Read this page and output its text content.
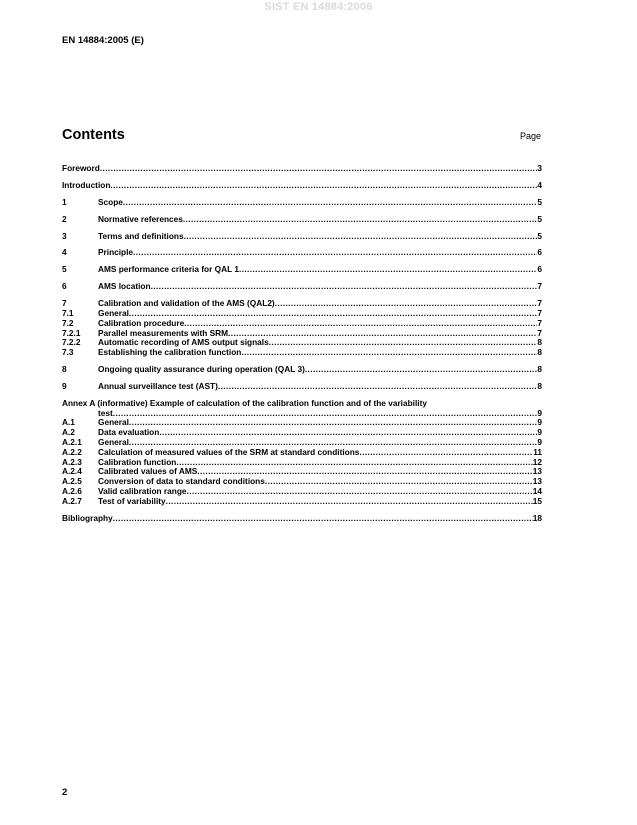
SIST EN 14884:2006
EN 14884:2005 (E)
Contents	Page
Foreword .....	3
Introduction .....	4
1	Scope .....	5
2	Normative references .....	5
3	Terms and definitions .....	5
4	Principle .....	6
5	AMS performance criteria for QAL 1 .....	6
6	AMS location .....	7
7	Calibration and validation of the AMS (QAL2) .....	7
7.1	General .....	7
7.2	Calibration procedure .....	7
7.2.1	Parallel measurements with SRM .....	7
7.2.2	Automatic recording of AMS output signals .....	8
7.3	Establishing the calibration function .....	8
8	Ongoing quality assurance during operation (QAL 3) .....	8
9	Annual surveillance test (AST) .....	8
Annex A (informative) Example of calculation of the calibration function and of the variability
test .....	9
A.1	General .....	9
A.2	Data evaluation .....	9
A.2.1	General .....	9
A.2.2	Calculation of measured values of the SRM at standard conditions .....	11
A.2.3	Calibration function .....	12
A.2.4	Calibrated values of AMS .....	13
A.2.5	Conversion of data to standard conditions .....	13
A.2.6	Valid calibration range .....	14
A.2.7	Test of variability .....	15
Bibliography .....	18
2
